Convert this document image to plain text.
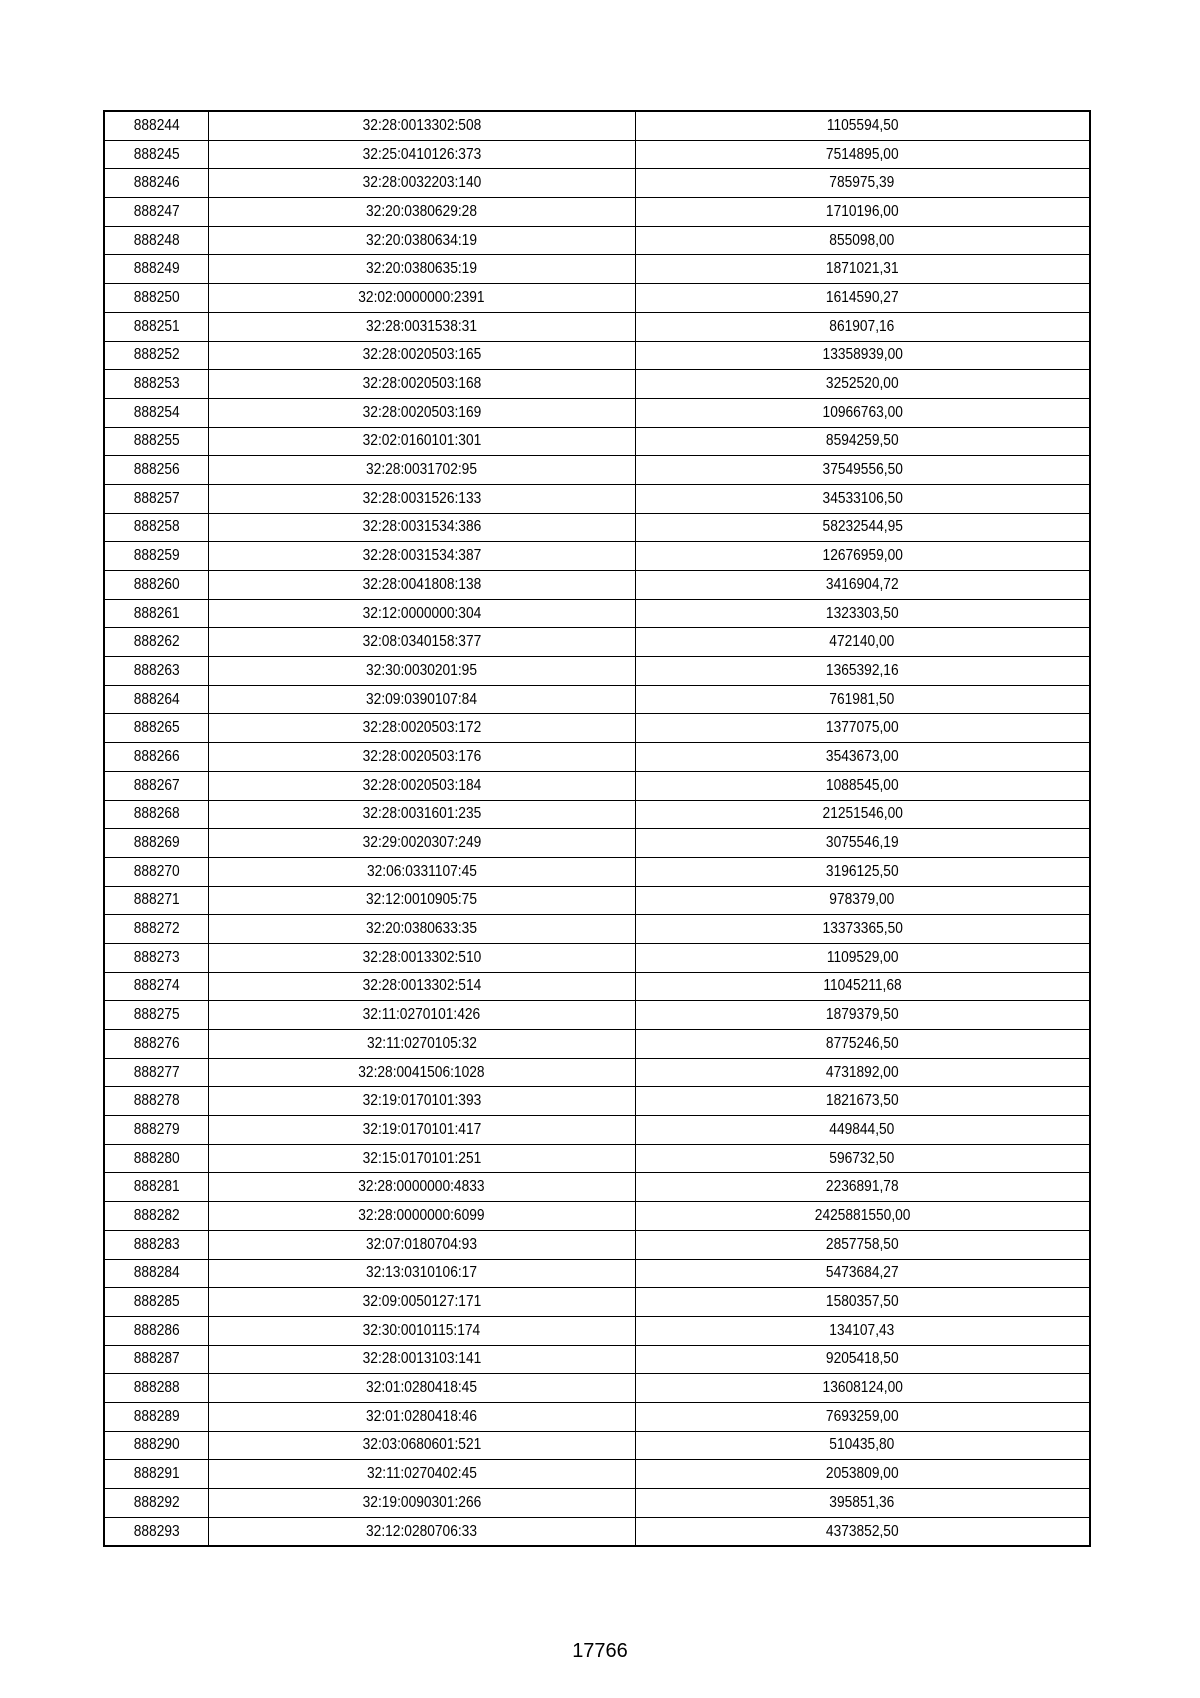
888244	32:28:0013302:508	1105594,50
888245	32:25:0410126:373	7514895,00
888246	32:28:0032203:140	785975,39
888247	32:20:0380629:28	1710196,00
888248	32:20:0380634:19	855098,00
888249	32:20:0380635:19	1871021,31
888250	32:02:0000000:2391	1614590,27
888251	32:28:0031538:31	861907,16
888252	32:28:0020503:165	13358939,00
888253	32:28:0020503:168	3252520,00
888254	32:28:0020503:169	10966763,00
888255	32:02:0160101:301	8594259,50
888256	32:28:0031702:95	37549556,50
888257	32:28:0031526:133	34533106,50
888258	32:28:0031534:386	58232544,95
888259	32:28:0031534:387	12676959,00
888260	32:28:0041808:138	3416904,72
888261	32:12:0000000:304	1323303,50
888262	32:08:0340158:377	472140,00
888263	32:30:0030201:95	1365392,16
888264	32:09:0390107:84	761981,50
888265	32:28:0020503:172	1377075,00
888266	32:28:0020503:176	3543673,00
888267	32:28:0020503:184	1088545,00
888268	32:28:0031601:235	21251546,00
888269	32:29:0020307:249	3075546,19
888270	32:06:0331107:45	3196125,50
888271	32:12:0010905:75	978379,00
888272	32:20:0380633:35	13373365,50
888273	32:28:0013302:510	1109529,00
888274	32:28:0013302:514	11045211,68
888275	32:11:0270101:426	1879379,50
888276	32:11:0270105:32	8775246,50
888277	32:28:0041506:1028	4731892,00
888278	32:19:0170101:393	1821673,50
888279	32:19:0170101:417	449844,50
888280	32:15:0170101:251	596732,50
888281	32:28:0000000:4833	2236891,78
888282	32:28:0000000:6099	2425881550,00
888283	32:07:0180704:93	2857758,50
888284	32:13:0310106:17	5473684,27
888285	32:09:0050127:171	1580357,50
888286	32:30:0010115:174	134107,43
888287	32:28:0013103:141	9205418,50
888288	32:01:0280418:45	13608124,00
888289	32:01:0280418:46	7693259,00
888290	32:03:0680601:521	510435,80
888291	32:11:0270402:45	2053809,00
888292	32:19:0090301:266	395851,36
888293	32:12:0280706:33	4373852,50
17766
